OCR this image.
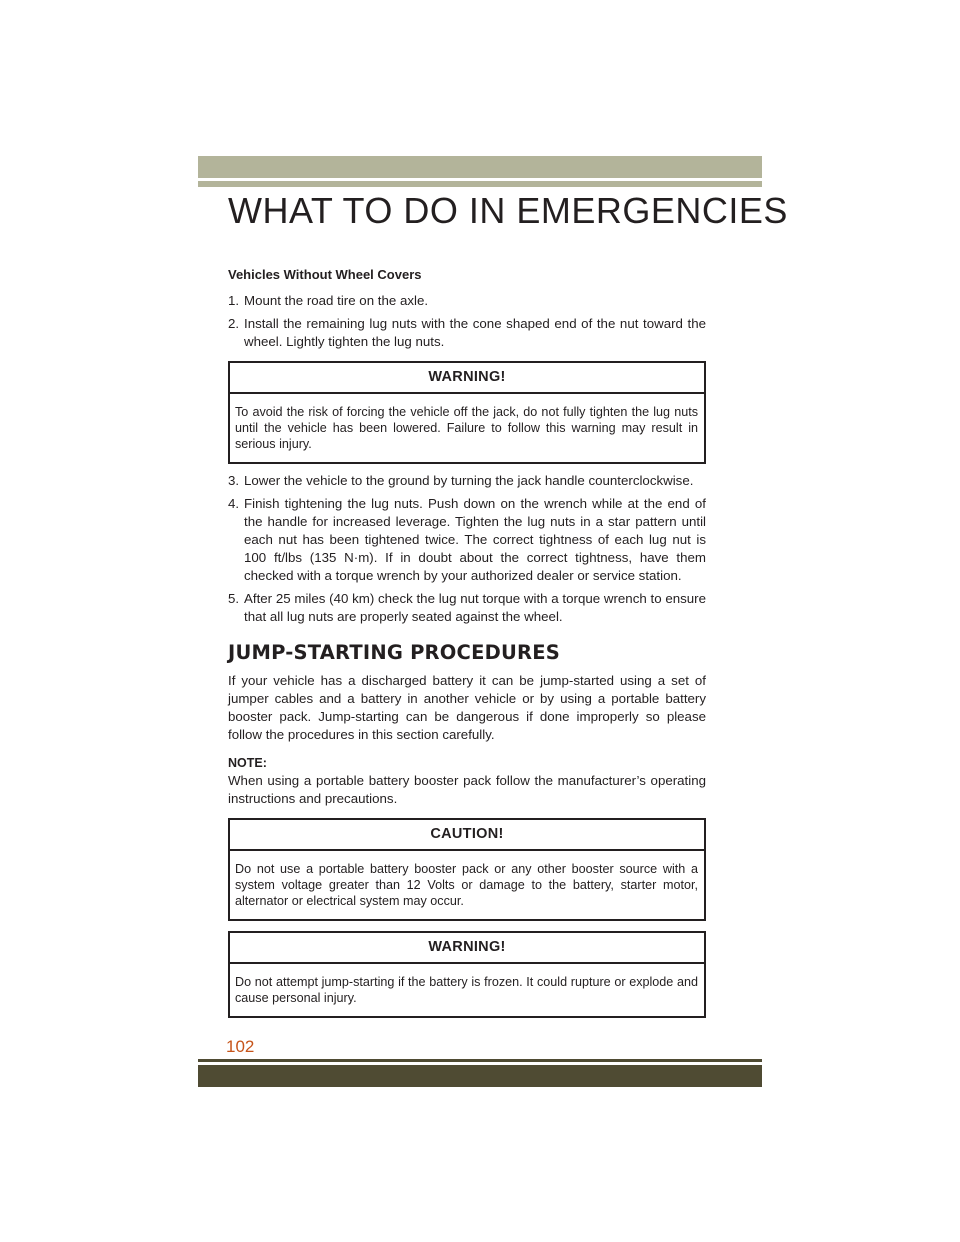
WHAT TO DO IN EMERGENCIES
Vehicles Without Wheel Covers
1. Mount the road tire on the axle.
2. Install the remaining lug nuts with the cone shaped end of the nut toward the wheel. Lightly tighten the lug nuts.
WARNING!
To avoid the risk of forcing the vehicle off the jack, do not fully tighten the lug nuts until the vehicle has been lowered. Failure to follow this warning may result in serious injury.
3. Lower the vehicle to the ground by turning the jack handle counterclockwise.
4. Finish tightening the lug nuts. Push down on the wrench while at the end of the handle for increased leverage. Tighten the lug nuts in a star pattern until each nut has been tightened twice. The correct tightness of each lug nut is 100 ft/lbs (135 N·m). If in doubt about the correct tightness, have them checked with a torque wrench by your authorized dealer or service station.
5. After 25 miles (40 km) check the lug nut torque with a torque wrench to ensure that all lug nuts are properly seated against the wheel.
JUMP-STARTING PROCEDURES

If your vehicle has a discharged battery it can be jump-started using a set of jumper cables and a battery in another vehicle or by using a portable battery booster pack. Jump-starting can be dangerous if done improperly so please follow the procedures in this section carefully.

NOTE:

When using a portable battery booster pack follow the manufacturer’s operating instructions and precautions.

CAUTION!
Do not use a portable battery booster pack or any other booster source with a system voltage greater than 12 Volts or damage to the battery, starter motor, alternator or electrical system may occur.
WARNING!
Do not attempt jump-starting if the battery is frozen. It could rupture or explode and cause personal injury.
102
